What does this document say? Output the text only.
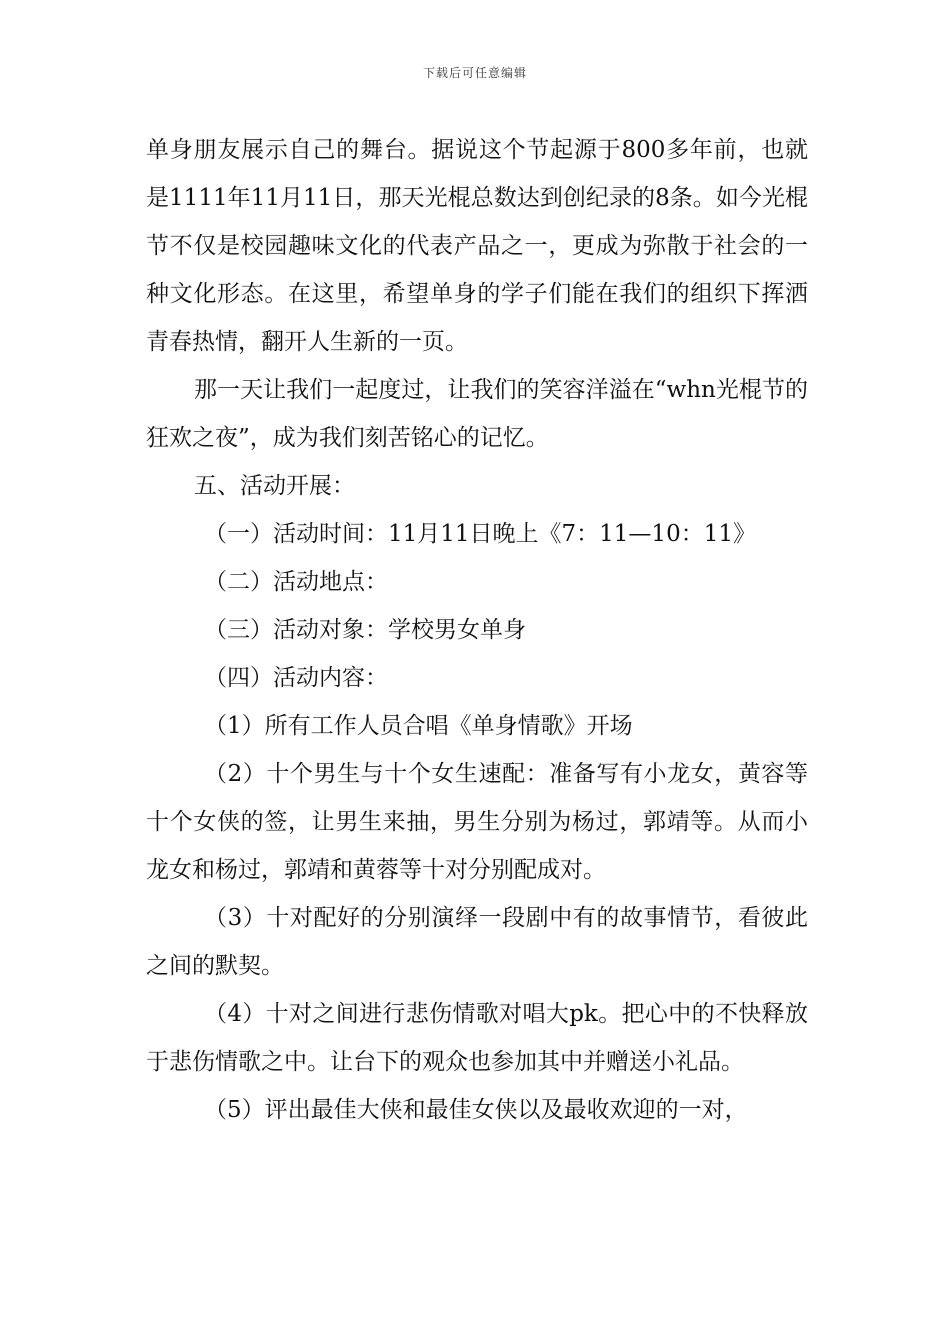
下载后可任意编辑

单身朋友展示自己的舞台。据说这个节起源于800多年前，也就是1111年11月11日，那天光棍总数达到创纪录的8条。如今光棍节不仅是校园趣味文化的代表产品之一，更成为弥散于社会的一种文化形态。在这里，希望单身的学子们能在我们的组织下挥洒青春热情，翻开人生新的一页。

那一天让我们一起度过，让我们的笑容洋溢在“whn光棍节的狂欢之夜”，成为我们刻苦铭心的记忆。

五、活动开展：

（一）活动时间：11月11日晚上《7：11—10：11》

（二）活动地点：

（三）活动对象：学校男女单身

（四）活动内容：

（1）所有工作人员合唱《单身情歌》开场

（2）十个男生与十个女生速配：准备写有小龙女，黄容等十个女侠的签，让男生来抽，男生分别为杨过，郭靖等。从而小龙女和杨过，郭靖和黄蓉等十对分别配成对。

（3）十对配好的分别演绎一段剧中有的故事情节，看彼此之间的默契。

（4）十对之间进行悲伤情歌对唱大pk。把心中的不快释放于悲伤情歌之中。让台下的观众也参加其中并赠送小礼品。

（5）评出最佳大侠和最佳女侠以及最收欢迎的一对，
